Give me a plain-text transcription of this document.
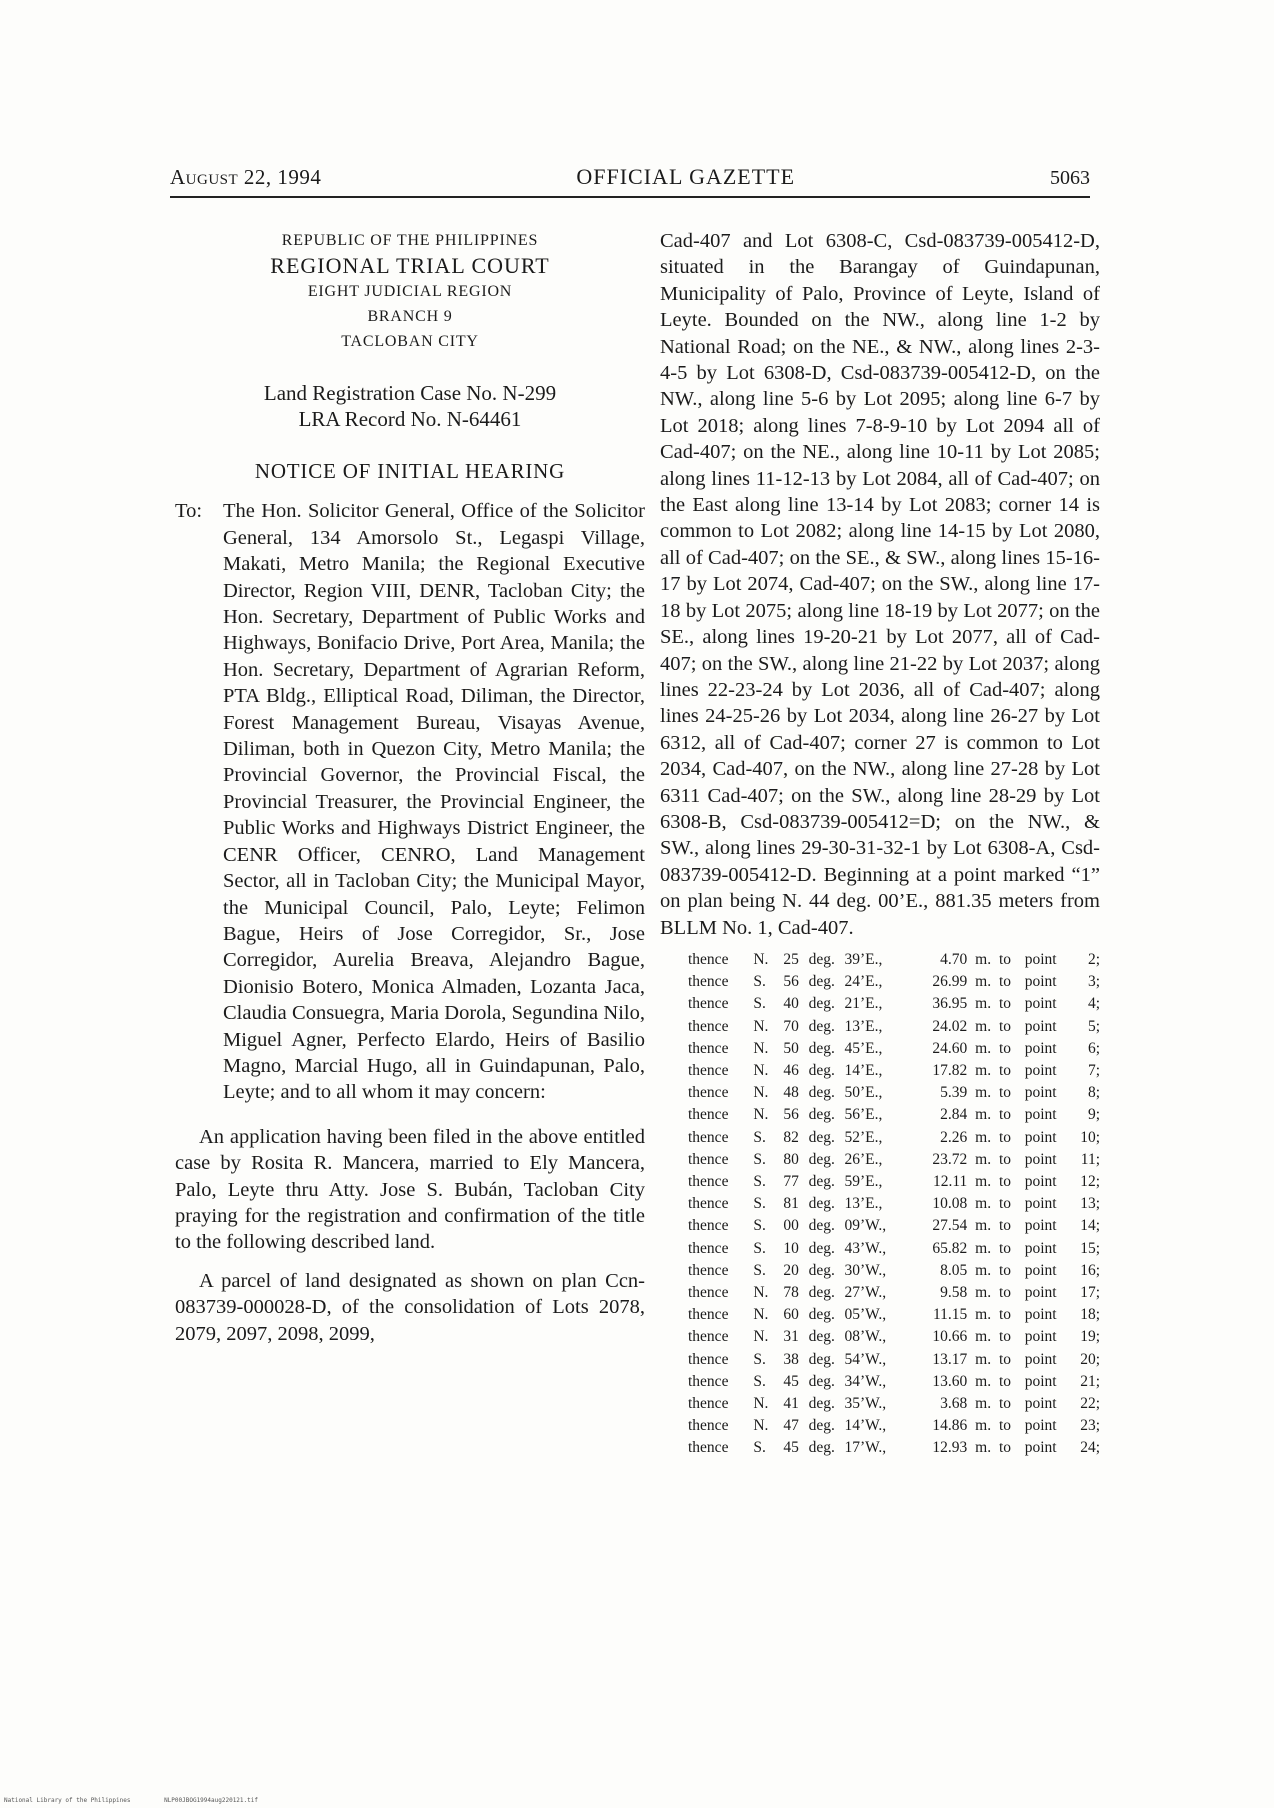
August 22, 1994	OFFICIAL GAZETTE	5063
REPUBLIC OF THE PHILIPPINES
REGIONAL TRIAL COURT
EIGHT JUDICIAL REGION
BRANCH 9
TACLOBAN CITY
Land Registration Case No. N-299
LRA Record No. N-64461
NOTICE OF INITIAL HEARING
To:	The Hon. Solicitor General, Office of the Solicitor General, 134 Amorsolo St., Legaspi Village, Makati, Metro Manila; the Regional Executive Director, Region VIII, DENR, Tacloban City; the Hon. Secretary, Department of Public Works and Highways, Bonifacio Drive, Port Area, Manila; the Hon. Secretary, Department of Agrarian Reform, PTA Bldg., Elliptical Road, Diliman, the Director, Forest Management Bureau, Visayas Avenue, Diliman, both in Quezon City, Metro Manila; the Provincial Governor, the Provincial Fiscal, the Provincial Treasurer, the Provincial Engineer, the Public Works and Highways District Engineer, the CENR Officer, CENRO, Land Management Sector, all in Tacloban City; the Municipal Mayor, the Municipal Council, Palo, Leyte; Felimon Bague, Heirs of Jose Corregidor, Sr., Jose Corregidor, Aurelia Breava, Alejandro Bague, Dionisio Botero, Monica Almaden, Lozanta Jaca, Claudia Consuegra, Maria Dorola, Segundina Nilo, Miguel Agner, Perfecto Elardo, Heirs of Basilio Magno, Marcial Hugo, all in Guindapunan, Palo, Leyte; and to all whom it may concern:

An application having been filed in the above entitled case by Rosita R. Mancera, married to Ely Mancera, Palo, Leyte thru Atty. Jose S. Bubán, Tacloban City praying for the registration and confirmation of the title to the following described land.

A parcel of land designated as shown on plan Ccn-083739-000028-D, of the consolidation of Lots 2078, 2079, 2097, 2098, 2099,

Cad-407 and Lot 6308-C, Csd-083739-005412-D, situated in the Barangay of Guindapunan, Municipality of Palo, Province of Leyte, Island of Leyte. Bounded on the NW., along line 1-2 by National Road; on the NE., & NW., along lines 2-3-4-5 by Lot 6308-D, Csd-083739-005412-D, on the NW., along line 5-6 by Lot 2095; along line 6-7 by Lot 2018; along lines 7-8-9-10 by Lot 2094 all of Cad-407; on the NE., along line 10-11 by Lot 2085; along lines 11-12-13 by Lot 2084, all of Cad-407; on the East along line 13-14 by Lot 2083; corner 14 is common to Lot 2082; along line 14-15 by Lot 2080, all of Cad-407; on the SE., & SW., along lines 15-16-17 by Lot 2074, Cad-407; on the SW., along line 17-18 by Lot 2075; along line 18-19 by Lot 2077; on the SE., along lines 19-20-21 by Lot 2077, all of Cad-407; on the SW., along line 21-22 by Lot 2037; along lines 22-23-24 by Lot 2036, all of Cad-407; along lines 24-25-26 by Lot 2034, along line 26-27 by Lot 6312, all of Cad-407; corner 27 is common to Lot 2034, Cad-407, on the NW., along line 27-28 by Lot 6311 Cad-407; on the SW., along line 28-29 by Lot 6308-B, Csd-083739-005412=D; on the NW., & SW., along lines 29-30-31-32-1 by Lot 6308-A, Csd-083739-005412-D. Beginning at a point marked “1” on plan being N. 44 deg. 00’E., 881.35 meters from BLLM No. 1, Cad-407.

thence	N. 25 deg. 39’E.,	4.70 m. to point	2;
thence	S.	56 deg. 24’E.,	26.99 m. to point	3;
thence	S.	40 deg. 21’E.,	36.95 m. to point	4;
thence	N. 70 deg. 13’E.,	24.02 m. to point	5;
thence	N. 50 deg. 45’E.,	24.60 m. to point	6;
thence	N. 46 deg. 14’E.,	17.82 m. to point	7;
thence	N. 48 deg. 50’E.,	5.39 m. to point	8;
thence	N. 56 deg. 56’E.,	2.84 m. to point	9;
thence	S.	82 deg. 52’E.,	2.26 m. to point	10;
thence	S.	80 deg. 26’E.,	23.72 m. to point	11;
thence	S.	77 deg. 59’E.,	12.11 m. to point	12;
thence	S.	81 deg. 13’E.,	10.08 m. to point	13;
thence	S.	00 deg. 09’W.,	27.54 m. to point	14;
thence	S.	10 deg. 43’W.,	65.82 m. to point	15;
thence	S.	20 deg. 30’W.,	8.05 m. to point	16;
thence	N. 78 deg. 27’W.,	9.58 m. to point	17;
thence	N. 60 deg. 05’W.,	11.15 m. to point	18;
thence	N. 31 deg. 08’W.,	10.66 m. to point	19;
thence	S.	38 deg. 54’W.,	13.17 m. to point	20;
thence	S.	45 deg. 34’W.,	13.60 m. to point	21;
thence	N. 41 deg. 35’W.,	3.68 m. to point	22;
thence	N. 47 deg. 14’W.,	14.86 m. to point	23;
thence	S.	45 deg. 17’W.,	12.93 m. to point	24;
National Library of the Philippines	NLP00JBOG1994aug220121.tif
